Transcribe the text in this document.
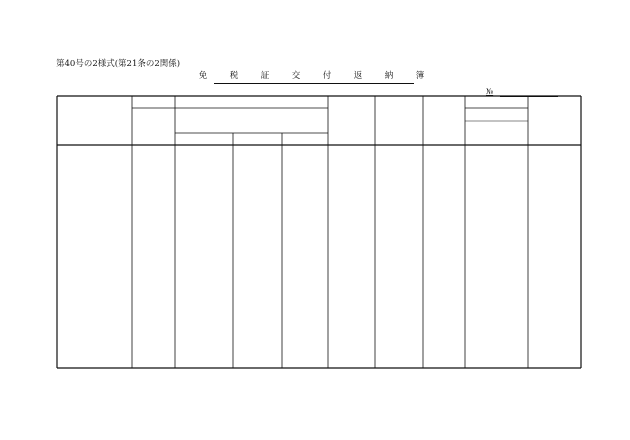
第40号の2様式(第21条の2関係)
免　税　証　交　付　返　納　簿
№
